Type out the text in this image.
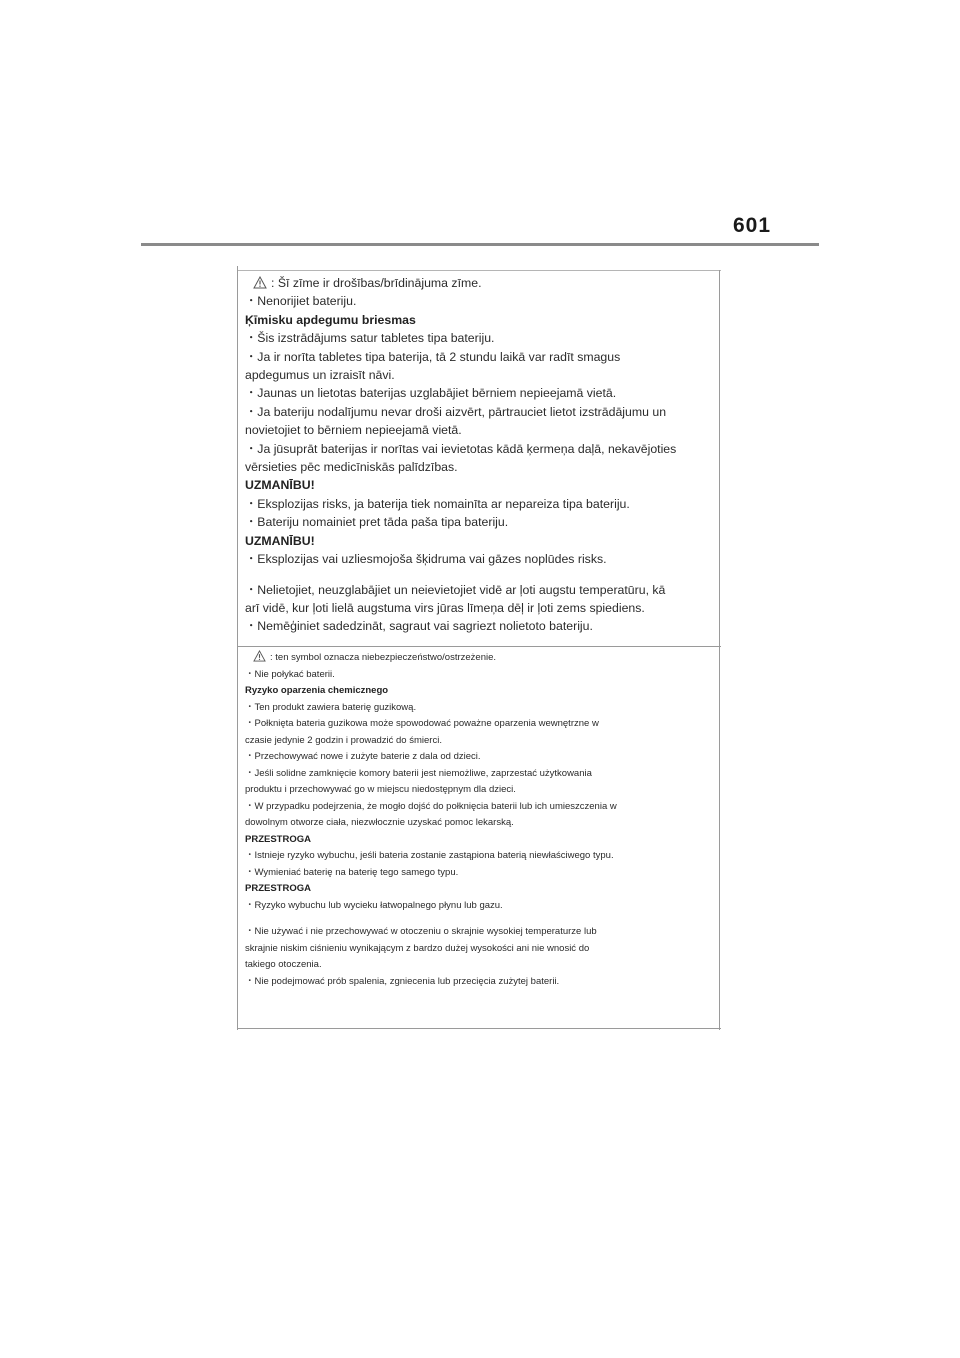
601
: Šī zīme ir drošības/brīdinājuma zīme.
・Nenorijiet bateriju.
Ķīmisku apdegumu briesmas
・Šis izstrādājums satur tabletes tipa bateriju.
・Ja ir norīta tabletes tipa baterija, tā 2 stundu laikā var radīt smagus
apdegumus un izraisīt nāvi.
・Jaunas un lietotas baterijas uzglabājiet bērniem nepieejamā vietā.
・Ja bateriju nodalījumu nevar droši aizvērt, pārtrauciet lietot izstrādājumu un
novietojiet to bērniem nepieejamā vietā.
・Ja jūsuprāt baterijas ir norītas vai ievietotas kādā ķermeņa daļā, nekavējoties
vērsieties pēc medicīniskās palīdzības.
UZMANĪBU!
・Eksplozijas risks, ja baterija tiek nomainīta ar nepareiza tipa bateriju.
・Bateriju nomainiet pret tāda paša tipa bateriju.
UZMANĪBU!
・Eksplozijas vai uzliesmojoša šķidruma vai gāzes noplūdes risks.
・Nelietojiet, neuzglabājiet un neievietojiet vidē ar ļoti augstu temperatūru, kā
arī vidē, kur ļoti lielā augstuma virs jūras līmeņa dēļ ir ļoti zems spiediens.
・Nemēģiniet sadedzināt, sagraut vai sagriezt nolietoto bateriju.
: ten symbol oznacza niebezpieczeństwo/ostrzeżenie.
・Nie połykać baterii.
Ryzyko oparzenia chemicznego
・Ten produkt zawiera baterię guzikową.
・Połknięta bateria guzikowa może spowodować poważne oparzenia wewnętrzne w
czasie jedynie 2 godzin i prowadzić do śmierci.
・Przechowywać nowe i zużyte baterie z dala od dzieci.
・Jeśli solidne zamknięcie komory baterii jest niemożliwe, zaprzestać użytkowania
produktu i przechowywać go w miejscu niedostępnym dla dzieci.
・W przypadku podejrzenia, że mogło dojść do połknięcia baterii lub ich umieszczenia w
dowolnym otworze ciała, niezwłocznie uzyskać pomoc lekarską.
PRZESTROGA
・Istnieje ryzyko wybuchu, jeśli bateria zostanie zastąpiona baterią niewłaściwego typu.
・Wymieniać baterię na baterię tego samego typu.
PRZESTROGA
・Ryzyko wybuchu lub wycieku łatwopalnego płynu lub gazu.
・Nie używać i nie przechowywać w otoczeniu o skrajnie wysokiej temperaturze lub
skrajnie niskim ciśnieniu wynikającym z bardzo dużej wysokości ani nie wnosić do
takiego otoczenia.
・Nie podejmować prób spalenia, zgniecenia lub przecięcia zużytej baterii.
